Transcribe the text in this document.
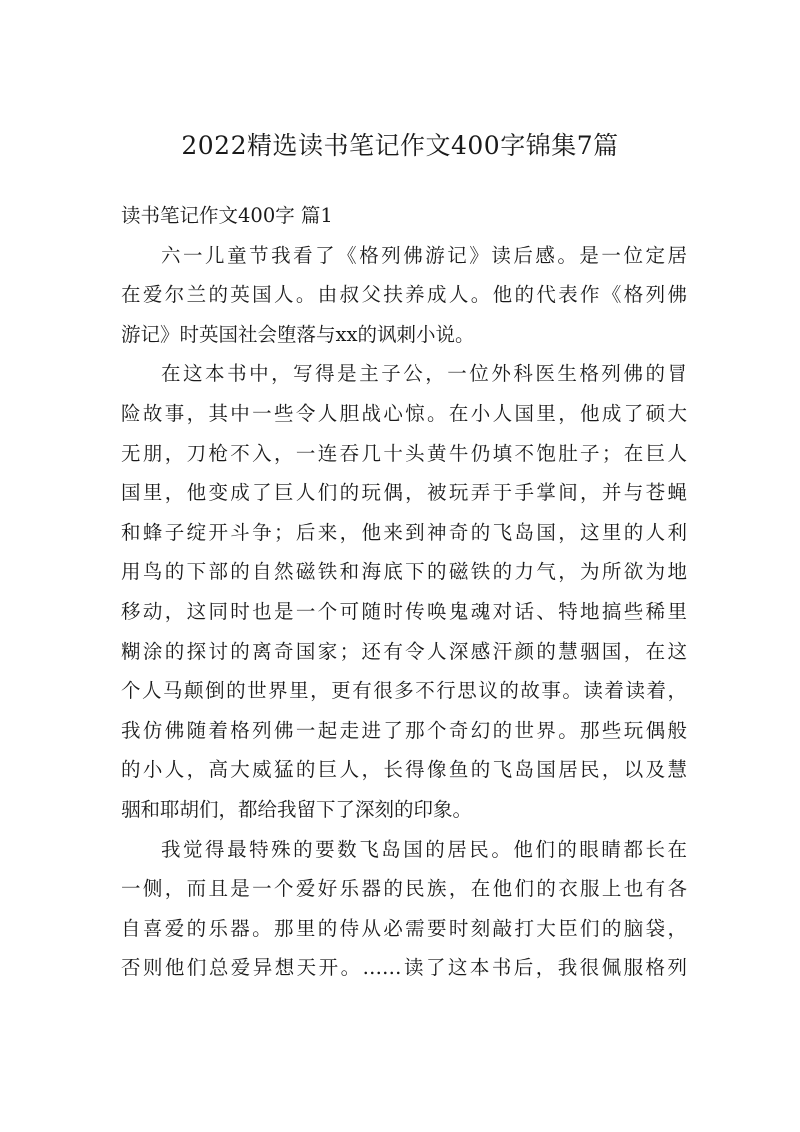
2022精选读书笔记作文400字锦集7篇
读书笔记作文400字 篇1
六一儿童节我看了《格列佛游记》读后感。是一位定居
在爱尔兰的英国人。由叔父扶养成人。他的代表作《格列佛
游记》时英国社会堕落与xx的讽刺小说。
在这本书中，写得是主子公，一位外科医生格列佛的冒
险故事，其中一些令人胆战心惊。在小人国里，他成了硕大
无朋，刀枪不入，一连吞几十头黄牛仍填不饱肚子；在巨人
国里，他变成了巨人们的玩偶，被玩弄于手掌间，并与苍蝇
和蜂子绽开斗争；后来，他来到神奇的飞岛国，这里的人利
用鸟的下部的自然磁铁和海底下的磁铁的力气，为所欲为地
移动，这同时也是一个可随时传唤鬼魂对话、特地搞些稀里
糊涂的探讨的离奇国家；还有令人深感汗颜的慧骃国，在这
个人马颠倒的世界里，更有很多不行思议的故事。读着读着，
我仿佛随着格列佛一起走进了那个奇幻的世界。那些玩偶般
的小人，高大威猛的巨人，长得像鱼的飞岛国居民，以及慧
骃和耶胡们，都给我留下了深刻的印象。
我觉得最特殊的要数飞岛国的居民。他们的眼睛都长在
一侧，而且是一个爱好乐器的民族，在他们的衣服上也有各
自喜爱的乐器。那里的侍从必需要时刻敲打大臣们的脑袋，
否则他们总爱异想天开。……读了这本书后，我很佩服格列
